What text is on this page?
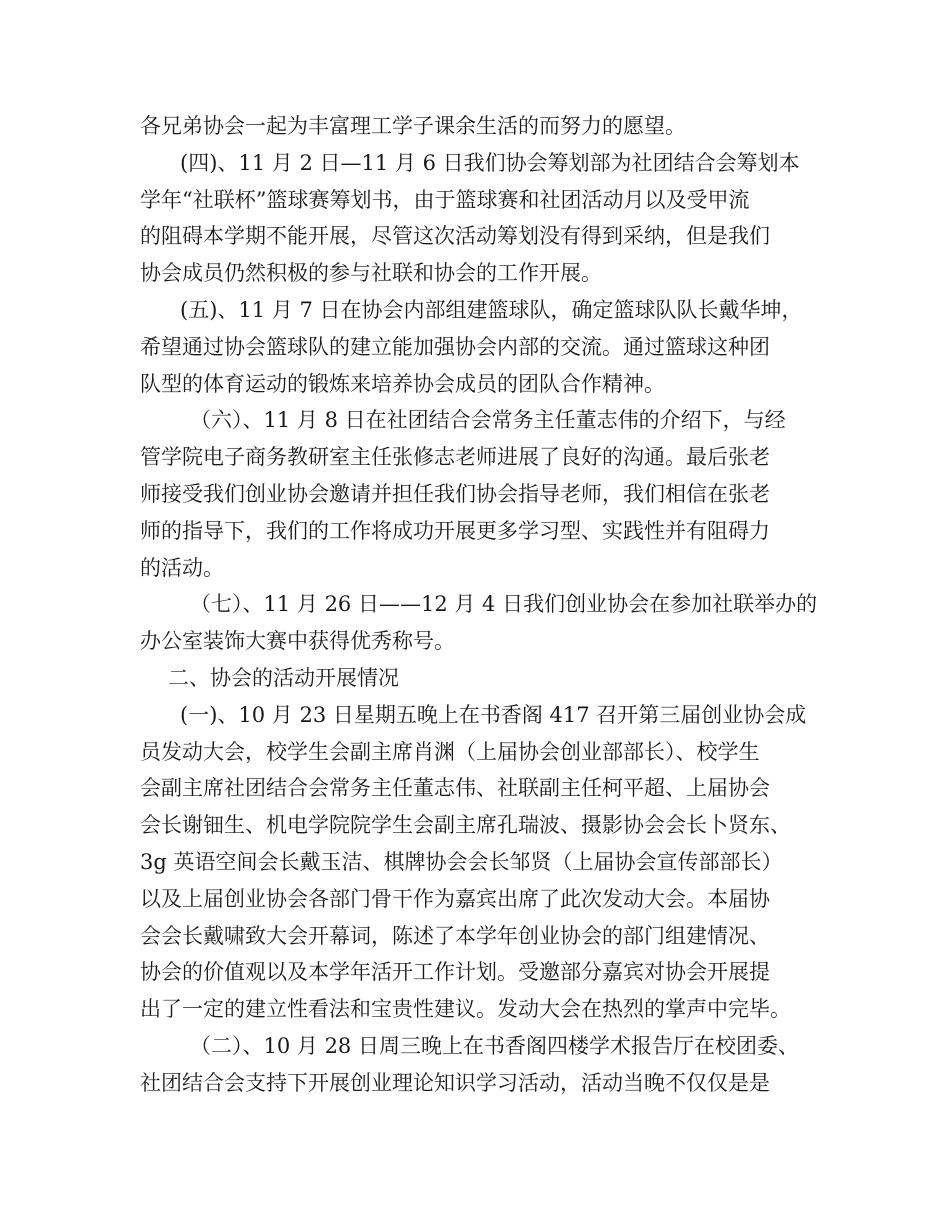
各兄弟协会一起为丰富理工学子课余生活的而努力的愿望。
(四)、11 月 2 日—11 月 6 日我们协会筹划部为社团结合会筹划本
学年“社联杯”篮球赛筹划书，由于篮球赛和社团活动月以及受甲流
的阻碍本学期不能开展，尽管这次活动筹划没有得到采纳，但是我们
协会成员仍然积极的参与社联和协会的工作开展。
(五)、11 月 7 日在协会内部组建篮球队，确定篮球队队长戴华坤，
希望通过协会篮球队的建立能加强协会内部的交流。通过篮球这种团
队型的体育运动的锻炼来培养协会成员的团队合作精神。
（六）、11 月 8 日在社团结合会常务主任董志伟的介绍下，与经
管学院电子商务教研室主任张修志老师进展了良好的沟通。最后张老
师接受我们创业协会邀请并担任我们协会指导老师，我们相信在张老
师的指导下，我们的工作将成功开展更多学习型、实践性并有阻碍力
的活动。
（七）、11 月 26 日——12 月 4 日我们创业协会在参加社联举办的
办公室装饰大赛中获得优秀称号。
二、协会的活动开展情况
(一)、10 月 23 日星期五晚上在书香阁 417 召开第三届创业协会成
员发动大会，校学生会副主席肖渊（上届协会创业部部长）、校学生
会副主席社团结合会常务主任董志伟、社联副主任柯平超、上届协会
会长谢钿生、机电学院院学生会副主席孔瑞波、摄影协会会长卜贤东、
3g 英语空间会长戴玉洁、棋牌协会会长邹贤（上届协会宣传部部长）
以及上届创业协会各部门骨干作为嘉宾出席了此次发动大会。本届协
会会长戴啸致大会开幕词，陈述了本学年创业协会的部门组建情况、
协会的价值观以及本学年活开工作计划。受邀部分嘉宾对协会开展提
出了一定的建立性看法和宝贵性建议。发动大会在热烈的掌声中完毕。
（二）、10 月 28 日周三晚上在书香阁四楼学术报告厅在校团委、
社团结合会支持下开展创业理论知识学习活动，活动当晚不仅仅是是
